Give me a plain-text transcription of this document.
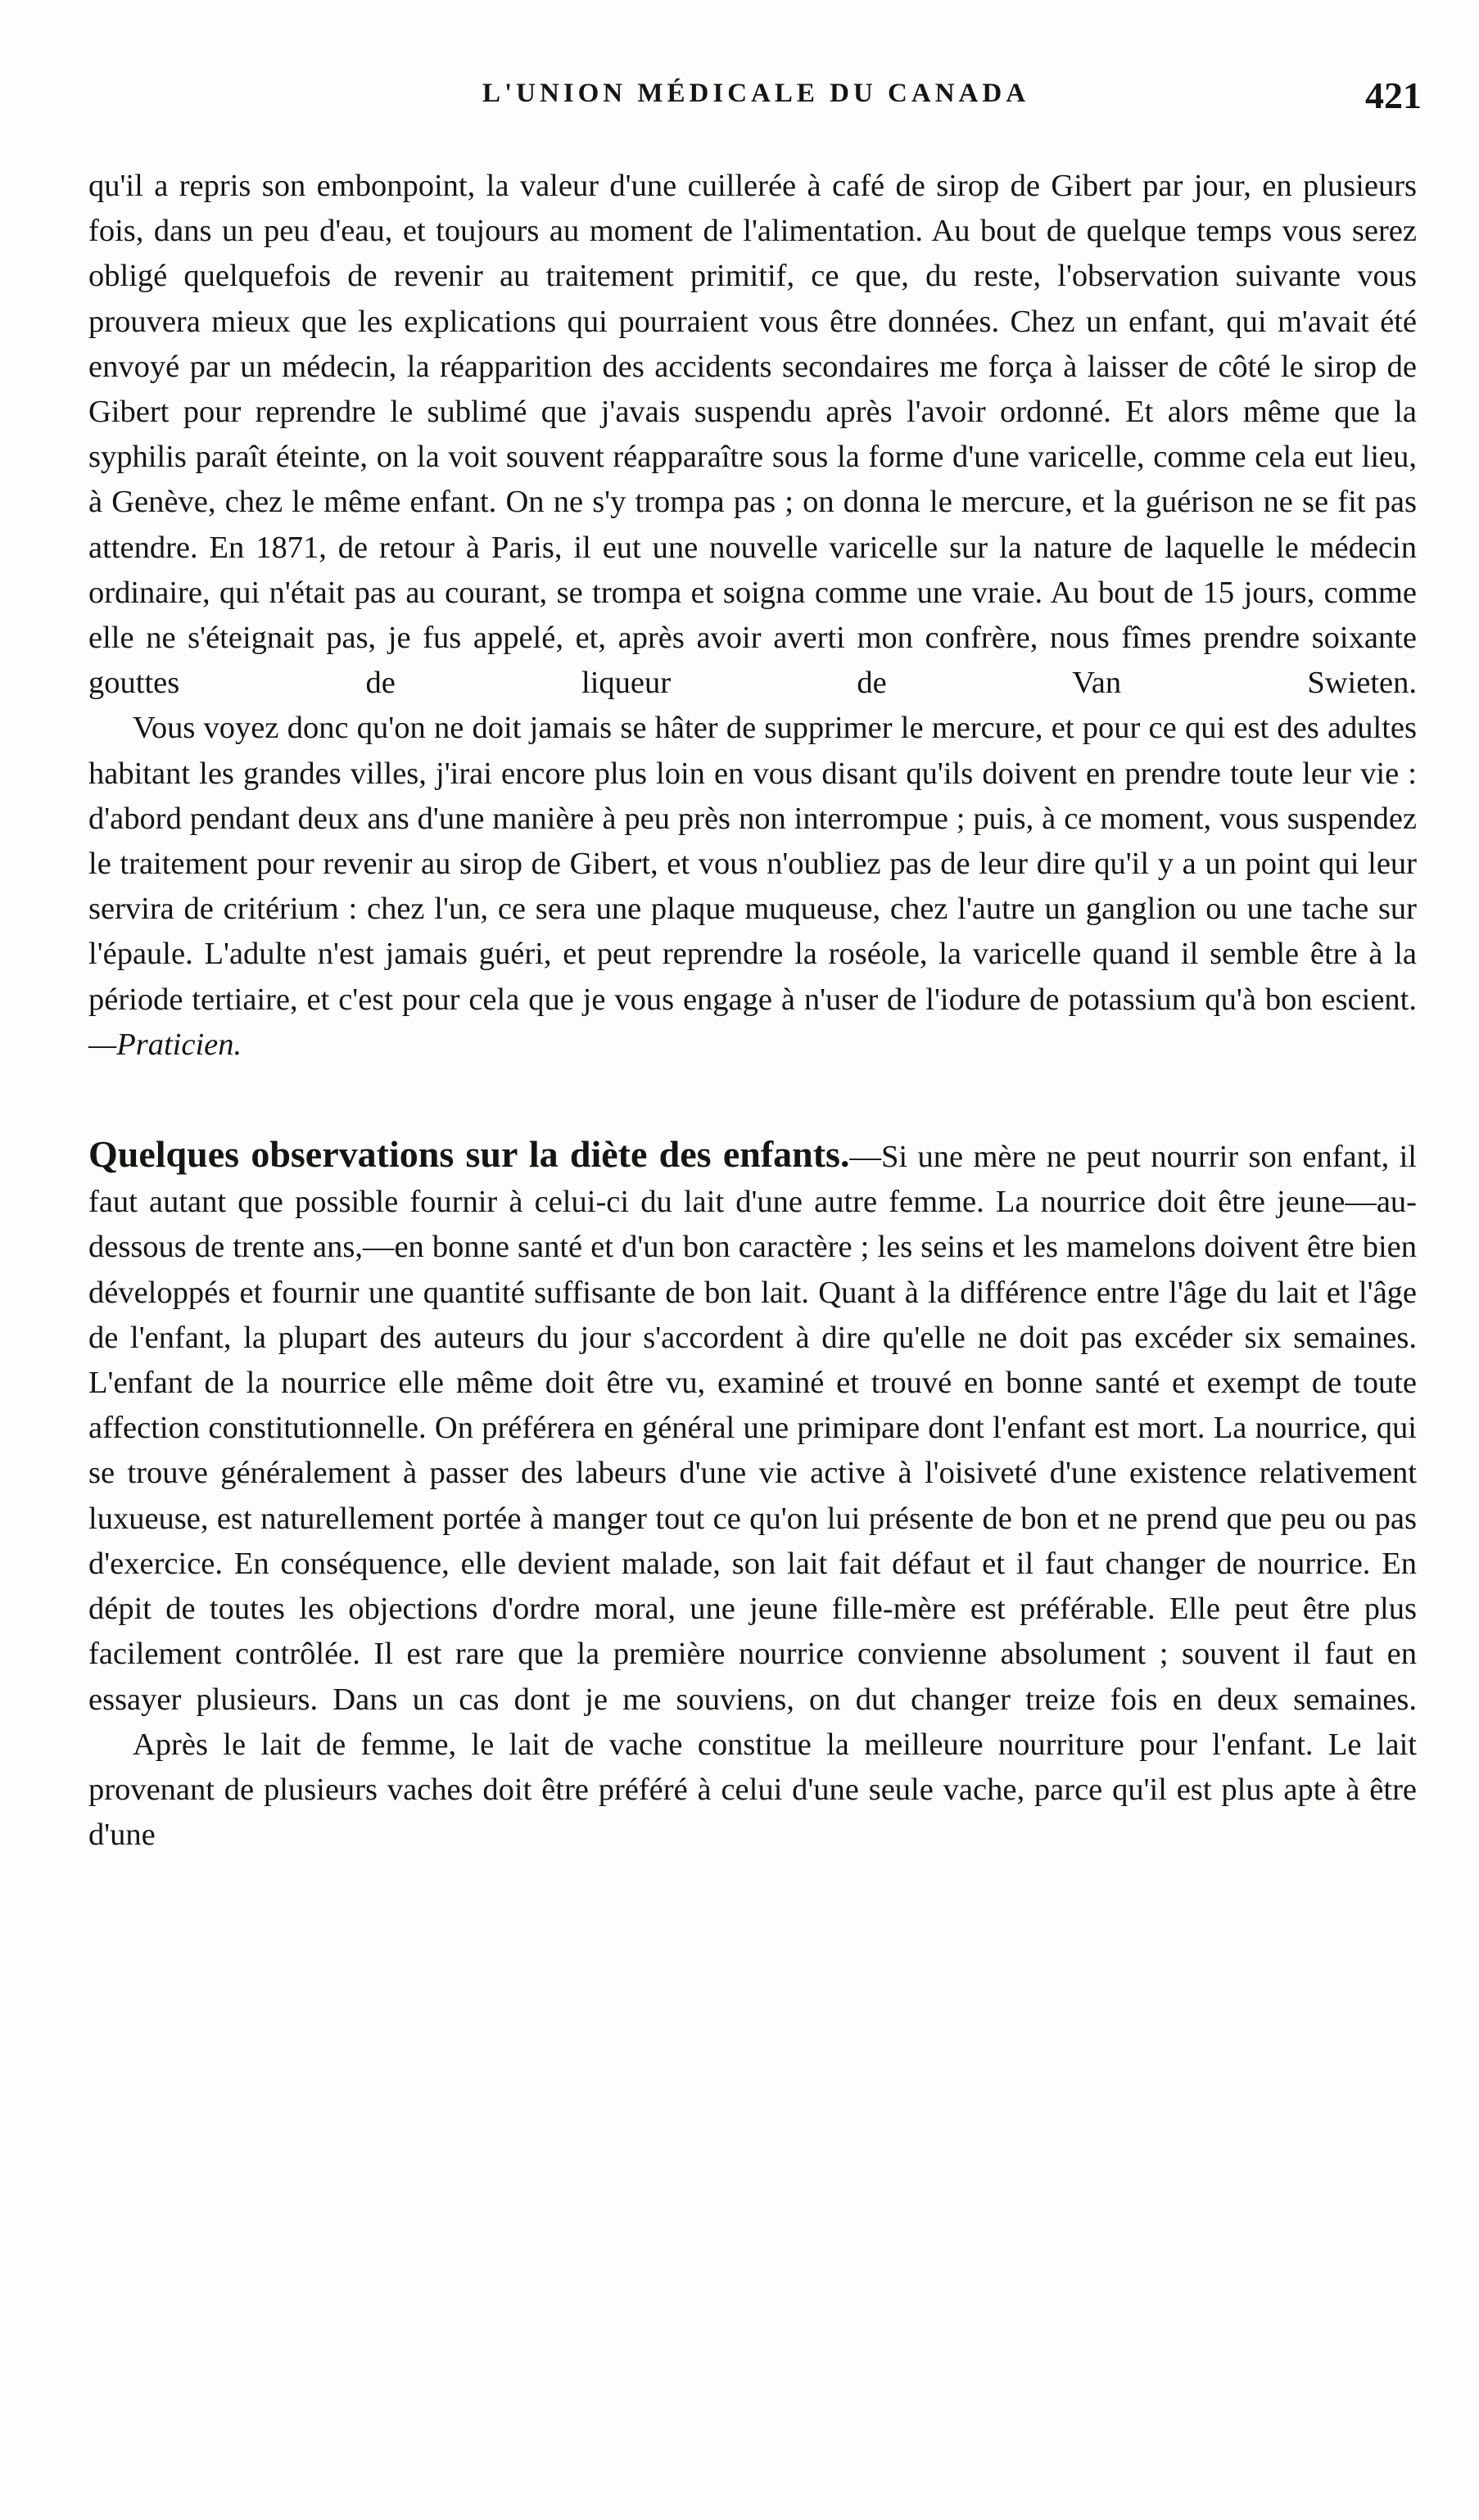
L'UNION MÉDICALE DU CANADA	421

qu'il a repris son embonpoint, la valeur d'une cuillerée à café de sirop de Gibert par jour, en plusieurs fois, dans un peu d'eau, et toujours au moment de l'alimentation. Au bout de quelque temps vous serez obligé quelquefois de revenir au traitement primitif, ce que, du reste, l'observation suivante vous prouvera mieux que les explications qui pourraient vous être données. Chez un enfant, qui m'avait été envoyé par un médecin, la réapparition des accidents secondaires me força à laisser de côté le sirop de Gibert pour reprendre le sublimé que j'avais suspendu après l'avoir ordonné. Et alors même que la syphilis paraît éteinte, on la voit souvent réapparaître sous la forme d'une varicelle, comme cela eut lieu, à Genève, chez le même enfant. On ne s'y trompa pas ; on donna le mercure, et la guérison ne se fit pas attendre. En 1871, de retour à Paris, il eut une nouvelle varicelle sur la nature de laquelle le médecin ordinaire, qui n'était pas au courant, se trompa et soigna comme une vraie. Au bout de 15 jours, comme elle ne s'éteignait pas, je fus appelé, et, après avoir averti mon confrère, nous fîmes prendre soixante gouttes de liqueur de Van Swieten.

Vous voyez donc qu'on ne doit jamais se hâter de supprimer le mercure, et pour ce qui est des adultes habitant les grandes villes, j'irai encore plus loin en vous disant qu'ils doivent en prendre toute leur vie : d'abord pendant deux ans d'une manière à peu près non interrompue ; puis, à ce moment, vous suspendez le traitement pour revenir au sirop de Gibert, et vous n'oubliez pas de leur dire qu'il y a un point qui leur servira de critérium : chez l'un, ce sera une plaque muqueuse, chez l'autre un ganglion ou une tache sur l'épaule. L'adulte n'est jamais guéri, et peut reprendre la roséole, la varicelle quand il semble être à la période tertiaire, et c'est pour cela que je vous engage à n'user de l'iodure de potassium qu'à bon escient.—Praticien.

Quelques observations sur la diète des enfants.—Si une mère ne peut nourrir son enfant, il faut autant que possible fournir à celui-ci du lait d'une autre femme. La nourrice doit être jeune—au-dessous de trente ans,—en bonne santé et d'un bon caractère ; les seins et les mamelons doivent être bien développés et fournir une quantité suffisante de bon lait. Quant à la différence entre l'âge du lait et l'âge de l'enfant, la plupart des auteurs du jour s'accordent à dire qu'elle ne doit pas excéder six semaines. L'enfant de la nourrice elle même doit être vu, examiné et trouvé en bonne santé et exempt de toute affection constitutionnelle. On préférera en général une primipare dont l'enfant est mort. La nourrice, qui se trouve généralement à passer des labeurs d'une vie active à l'oisiveté d'une existence relativement luxueuse, est naturellement portée à manger tout ce qu'on lui présente de bon et ne prend que peu ou pas d'exercice. En conséquence, elle devient malade, son lait fait défaut et il faut changer de nourrice. En dépit de toutes les objections d'ordre moral, une jeune fille-mère est préférable. Elle peut être plus facilement contrôlée. Il est rare que la première nourrice convienne absolument ; souvent il faut en essayer plusieurs. Dans un cas dont je me souviens, on dut changer treize fois en deux semaines.

Après le lait de femme, le lait de vache constitue la meilleure nourriture pour l'enfant. Le lait provenant de plusieurs vaches doit être préféré à celui d'une seule vache, parce qu'il est plus apte à être d'une
